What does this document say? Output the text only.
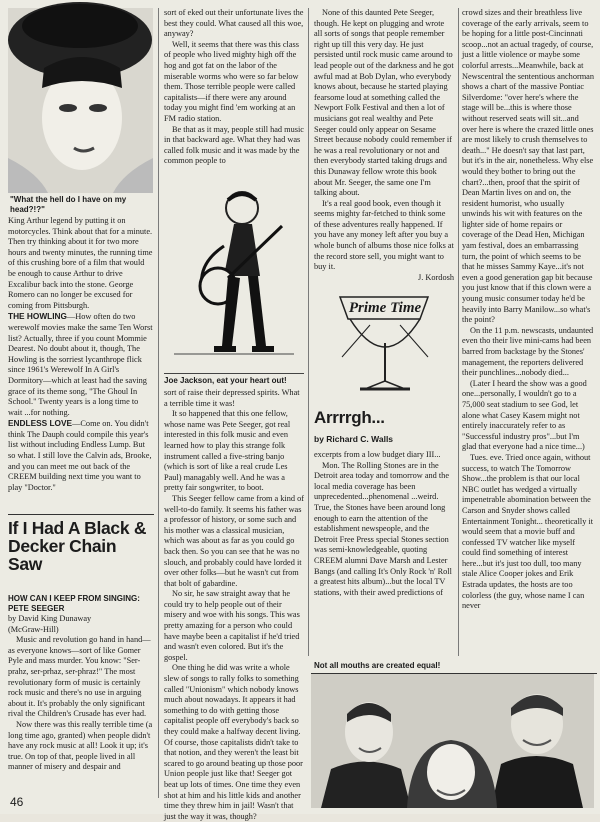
"What the hell do I have on my head?!?"

King Arthur legend by putting it on motorcycles. Think about that for a minute. Then try thinking about it for two more hours and twenty minutes, the running time of this crushing bore of a film that would be enough to cause Arthur to drive Excalibur back into the stone. George Romero can no longer be excused for coming from Pittsburgh.

THE HOWLING—How often do two werewolf movies make the same Ten Worst list? Actually, three if you count Mommie Dearest. No doubt about it, though, The Howling is the sorriest lycanthrope flick since 1961's Werewolf In A Girl's Dormitory—which at least had the saving grace of its theme song, "The Ghoul In School." Twenty years is a long time to wait ...for nothing.

ENDLESS LOVE—Come on. You didn't think The Dauph could compile this year's list without including Endless Lump. But so what. I still love the Calvin ads, Brooke, and you can meet me out back of the CREEM building next time you want to play "Doctor."

If I Had A Black & Decker Chain Saw
HOW CAN I KEEP FROM SINGING: PETE SEEGER
by David King Dunaway
(McGraw-Hill)

Music and revolution go hand in hand—as everyone knows—sort of like Gomer Pyle and mass murder. You know: "Ser-prahz, ser-prhaz, ser-phraz!" The most revolutionary form of music is certainly rock music and there's no use in arguing about it. It's probably the only significant rival the Children's Crusade has ever had.

Now there was this really terrible time (a long time ago, granted) when people didn't have any rock music at all! Look it up; it's true. On top of that, people lived in all manner of misery and despair and

sort of eked out their unfortunate lives the best they could. What caused all this woe, anyway?

Well, it seems that there was this class of people who lived mighty high off the hog and got fat on the labor of the miserable worms who were so far below them. Those terrible people were called capitalists—if there were any around today you might find 'em working at an FM radio station.

Be that as it may, people still had music in that backward age. What they had was called folk music and it was made by the common people to

Joe Jackson, eat your heart out!

sort of raise their depressed spirits. What a terrible time it was!

It so happened that this one fellow, whose name was Pete Seeger, got real interested in this folk music and even learned how to play this strange folk instrument called a five-string banjo (which is sort of like a real crude Les Paul) managably well. And he was a pretty fair songwriter, to boot.

This Seeger fellow came from a kind of well-to-do family. It seems his father was a professor of history, or some such and his mother was a classical musician, which was about as far as you could go back then. So you can see that he was no slouch, and probably could have lorded it over other folks—but he wasn't cut from that bolt of gabardine.

No sir, he saw straight away that he could try to help people out of their misery and woe with his songs. This was pretty amazing for a person who could have maybe been a capitalist if he'd tried and wasn't even colored. But it's the gospel.

One thing he did was write a whole slew of songs to rally folks to something called "Unionism" which nobody knows much about nowadays. It appears it had something to do with getting those capitalist people off everybody's back so they could make a halfway decent living. Of course, those capitalists didn't take to that notion, and they weren't the least bit scared to go around beating up those poor Union people just like that! Seeger got beat up lots of times. One time they even shot at him and his little kids and another time they threw him in jail! Wasn't that just the way it was, though?

None of this daunted Pete Seeger, though. He kept on plugging and wrote all sorts of songs that people remember right up till this very day. He just persisted until rock music came around to lead people out of the darkness and he got awful mad at Bob Dylan, who everybody knows about, because he started playing fearsome loud at something called the Newport Folk Festival and then a lot of musicians got real wealthy and Pete Seeger could only appear on Sesame Street because nobody could remember if he was a real revolutionary or not and then everybody started taking drugs and this Dunaway fellow wrote this book about Mr. Seeger, the same one I'm talking about.

It's a real good book, even though it seems mighty far-fetched to think some of these adventures really happened. If you have any money left after you buy a whole bunch of albums those nice folks at the record store sell, you might want to buy it.

J. Kordosh
Prime Time
Arrrrgh...
by Richard C. Walls

excerpts from a low budget diary III...

Mon. The Rolling Stones are in the Detroit area today and tomorrow and the local media coverage has been unprecedented...phenomenal ...weird. True, the Stones have been around long enough to earn the attention of the establishment newspeople, and the Detroit Free Press special Stones section was semi-knowledgeable, quoting CREEM alumni Dave Marsh and Lester Bangs (and calling It's Only Rock 'n' Roll a greatest hits album)...but the local TV stations, with their awed predictions of

crowd sizes and their breathless live coverage of the early arrivals, seem to be hoping for a little post-Cincinnati scoop...not an actual tragedy, of course, just a little violence or maybe some colorful arrests...Meanwhile, back at Newscentral the sententious anchorman shows a chart of the massive Pontiac Silverdome: "over here's where the stage will be...this is where those without reserved seats will sit...and over here is where the crazed little ones are most likely to crush themselves to death..." He doesn't say that last part, but it's in the air, nonetheless. Why else would they bother to bring out the chart?...then, proof that the spirit of Dean Martin lives on and on, the resident humorist, who usually unwinds his wit with features on the lighter side of home repairs or coverage of the Dead Hen, Michigan yam festival, does an embarrassing turn, the point of which seems to be that he misses Sammy Kaye...it's not even a good generation gap bit because you just know that if this clown were a young music consumer today he'd be heavily into Barry Manilow...so what's the point?

On the 11 p.m. newscasts, undaunted even tho their live mini-cams had been barred from backstage by the Stones' management, the reporters delivered their punchlines...nobody died...

(Later I heard the show was a good one...personally, I wouldn't go to a 75,000 seat stadium to see God, let alone what Casey Kasem might not entirely inaccurately refer to as "Successful industry pros"...but I'm glad that everyone had a nice time...)

Tues. eve. Tried once again, without success, to watch The Tomorrow Show...the problem is that our local NBC outlet has wedged a virtually impenetrable abomination between the Carson and Snyder shows called Entertainment Tonight... theoretically it would seem that a movie buff and confessed TV watcher like myself could find something of interest here...but it's just too dull, too many stale Alice Cooper jokes and Erik Estrada updates, the hosts are too colorless (the guy, whose name I can never

Not all mouths are created equal!
46
